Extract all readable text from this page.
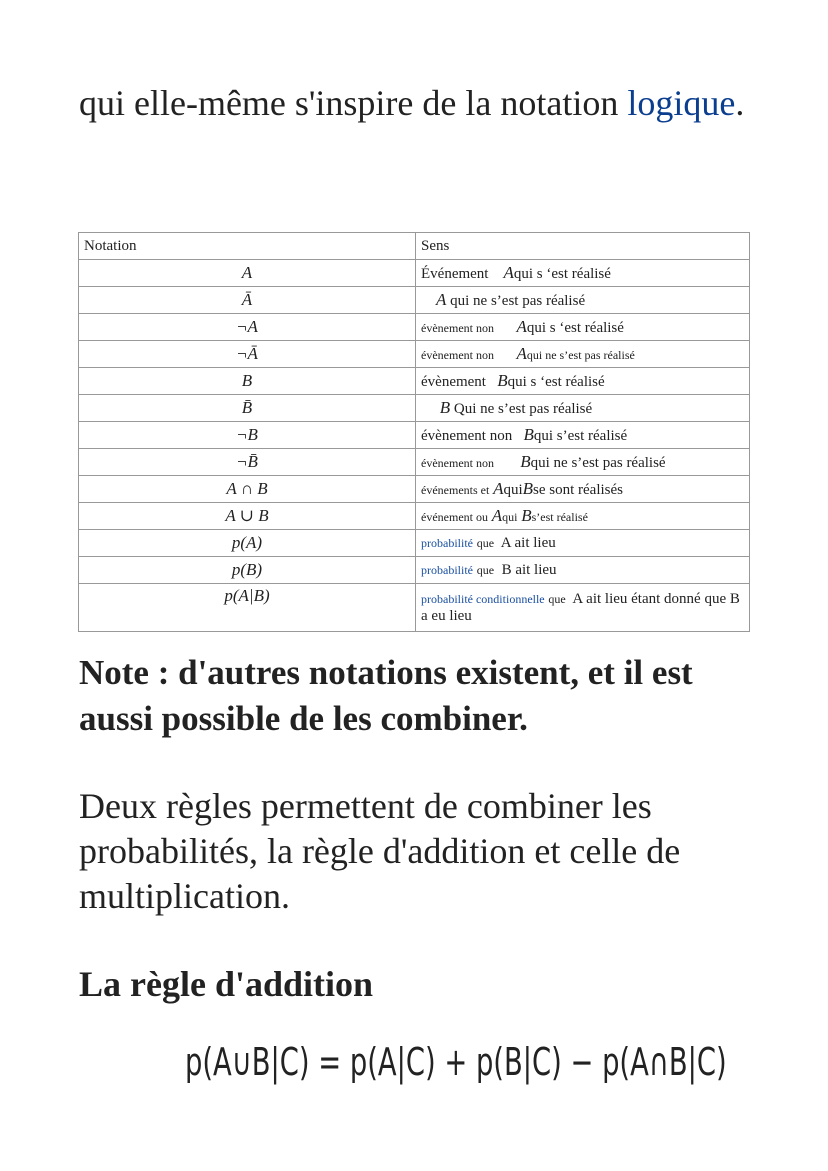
qui elle-même s'inspire de la notation logique.
Notation	Sens
A	Événement Aqui s ‘est réalisé
Ā	A qui ne s’est pas réalisé
¬A	évènement non Aqui s ‘est réalisé
¬Ā	évènement non Aqui ne s’est pas réalisé
B	évènement Bqui s ‘est réalisé
B̄	B Qui ne s’est pas réalisé
¬B	évènement non Bqui s’est réalisé
¬B̄	évènement non Bqui ne s’est pas réalisé
A ∩ B	événements et AquiBse sont réalisés
A ∪ B	événement ou Aqui Bs’est réalisé
p(A)	probabilité que A ait lieu
p(B)	probabilité que B ait lieu
p(A|B)	probabilité conditionnelle que A ait lieu étant donné que B a eu lieu
Note : d'autres notations existent, et il est aussi possible de les combiner.
Deux règles permettent de combiner les probabilités, la règle d'addition et celle de multiplication.
La règle d'addition
p(A∪B|C) = p(A|C) + p(B|C) − p(A∩B|C)
